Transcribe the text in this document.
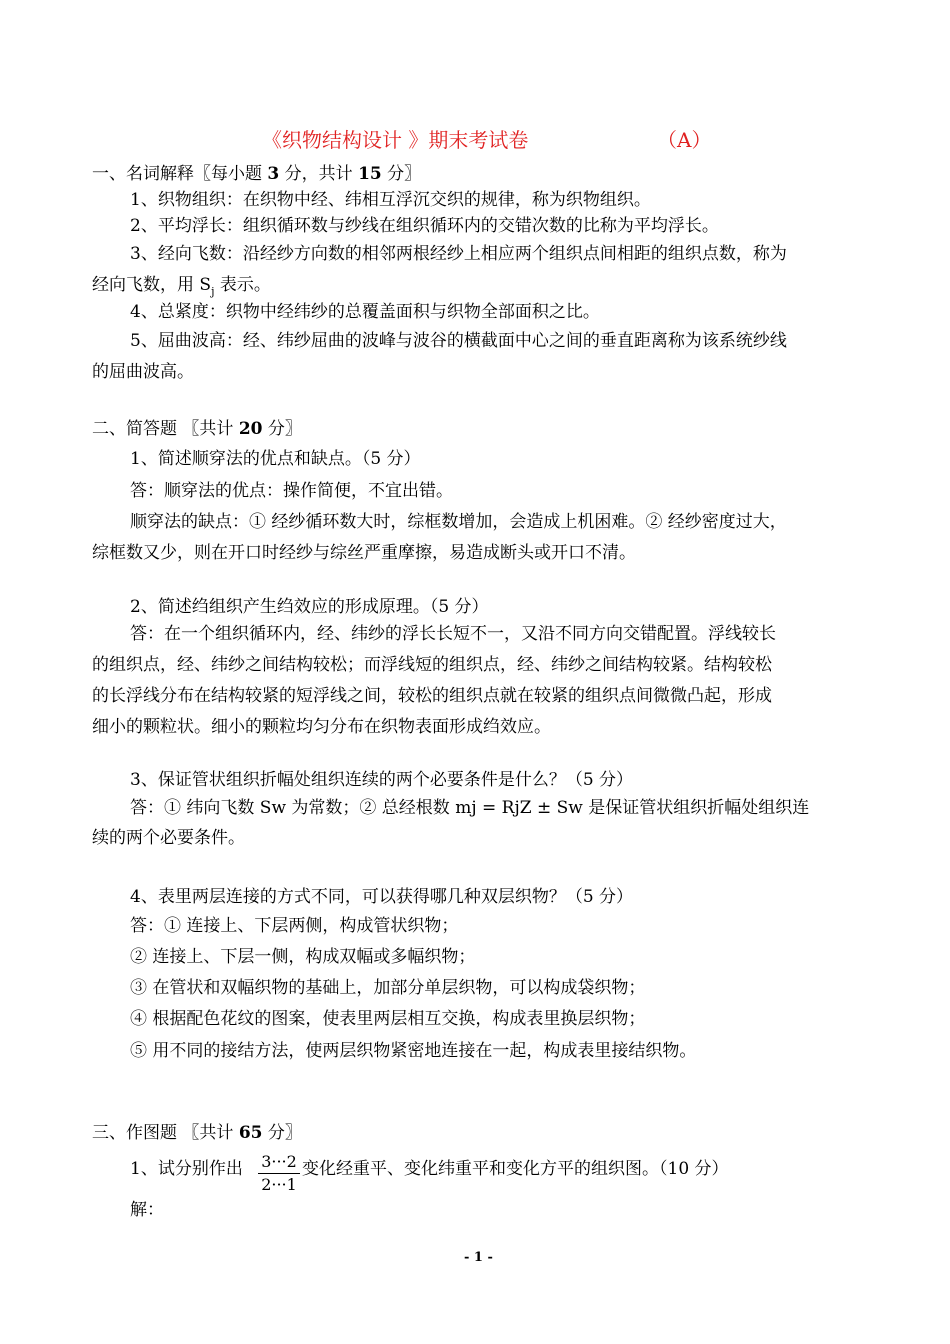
《织物结构设计 》期末考试卷	（A）
一、名词解释〖每小题 3 分，共计 15 分〗
1、织物组织：在织物中经、纬相互浮沉交织的规律，称为织物组织。
2、平均浮长：组织循环数与纱线在组织循环内的交错次数的比称为平均浮长。
3、经向飞数：沿经纱方向数的相邻两根经纱上相应两个组织点间相距的组织点数，称为
经向飞数，用 $S_j$ 表示。
4、总紧度：织物中经纬纱的总覆盖面积与织物全部面积之比。
5、屈曲波高：经、纬纱屈曲的波峰与波谷的横截面中心之间的垂直距离称为该系统纱线
的屈曲波高。
二、简答题 〖共计 20 分〗
1、简述顺穿法的优点和缺点。（5 分）
答：顺穿法的优点：操作简便，不宜出错。
顺穿法的缺点：① 经纱循环数大时，综框数增加，会造成上机困难。② 经纱密度过大，
综框数又少，则在开口时经纱与综丝严重摩擦，易造成断头或开口不清。
2、简述绉组织产生绉效应的形成原理。（5 分）
答：在一个组织循环内，经、纬纱的浮长长短不一，又沿不同方向交错配置。浮线较长
的组织点，经、纬纱之间结构较松；而浮线短的组织点，经、纬纱之间结构较紧。结构较松
的长浮线分布在结构较紧的短浮线之间，较松的组织点就在较紧的组织点间微微凸起，形成
细小的颗粒状。细小的颗粒均匀分布在织物表面形成绉效应。
3、保证管状组织折幅处组织连续的两个必要条件是什么？（5 分）
答：① 纬向飞数 Sw 为常数；② 总经根数 mj = RjZ ± Sw 是保证管状组织折幅处组织连
续的两个必要条件。
4、表里两层连接的方式不同，可以获得哪几种双层织物？（5 分）
答：① 连接上、下层两侧，构成管状织物；
② 连接上、下层一侧，构成双幅或多幅织物；
③ 在管状和双幅织物的基础上，加部分单层织物，可以构成袋织物；
④ 根据配色花纹的图案，使表里两层相互交换，构成表里换层织物；
⑤ 用不同的接结方法，使两层织物紧密地连接在一起，构成表里接结织物。
三、作图题 〖共计 65 分〗
1、试分别作出 3···2
2···1
变化经重平、变化纬重平和变化方平的组织图。（10 分）
解：
- 1 -
